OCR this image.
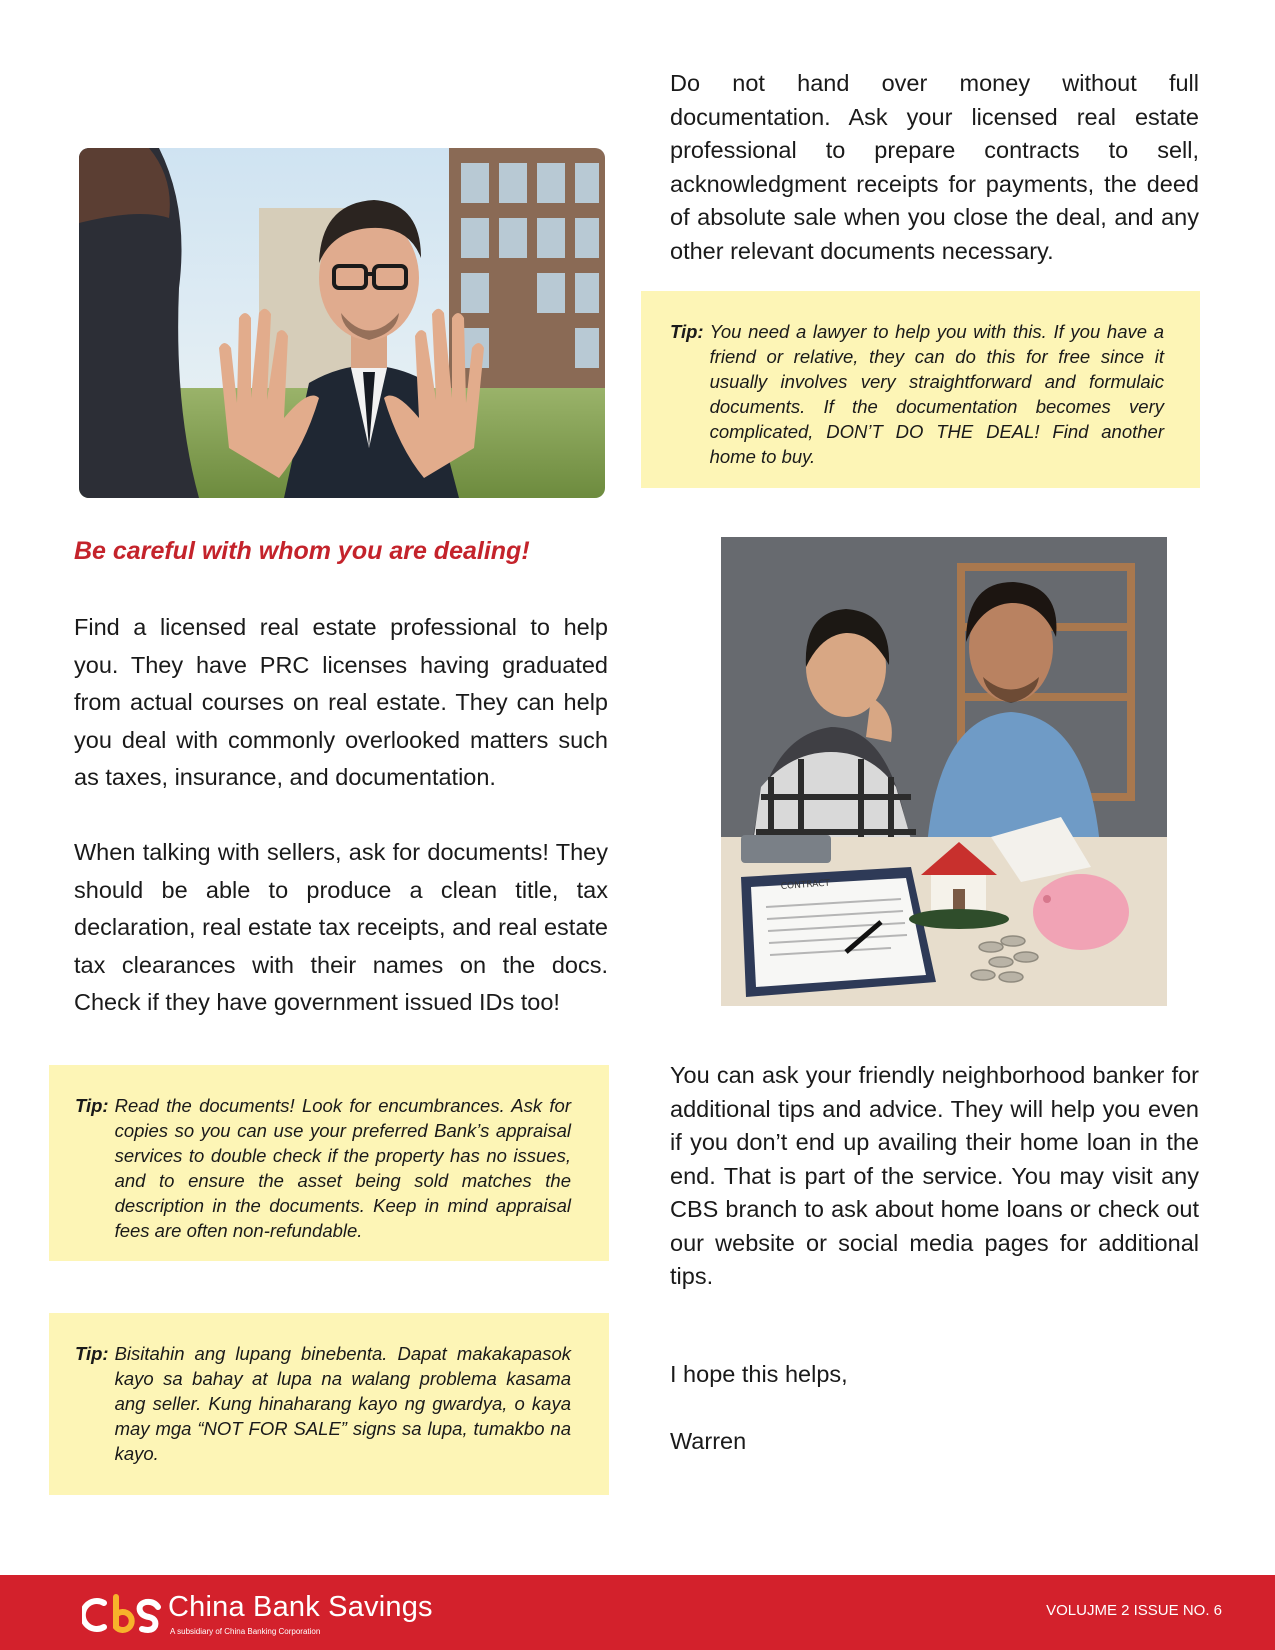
Do not hand over money without full documentation. Ask your licensed real estate professional to prepare contracts to sell, acknowledgment receipts for payments, the deed of absolute sale when you close the deal, and any other relevant documents necessary.
Tip: You need a lawyer to help you with this. If you have a friend or relative, they can do this for free since it usually involves very straightforward and formulaic documents. If the documentation becomes very complicated, DON’T DO THE DEAL! Find another home to buy.
Be careful with whom you are dealing!
Find a licensed real estate professional to help you. They have PRC licenses having graduated from actual courses on real estate. They can help you deal with commonly overlooked matters such as taxes, insurance, and documentation.
When talking with sellers, ask for documents! They should be able to produce a clean title, tax declaration, real estate tax receipts, and real estate tax clearances with their names on the docs. Check if they have government issued IDs too!
CONTRACT
Tip: Read the documents! Look for encumbrances. Ask for copies so you can use your preferred Bank’s appraisal services to double check if the property has no issues, and to ensure the asset being sold matches the description in the documents. Keep in mind appraisal fees are often non-refundable.
Tip: Bisitahin ang lupang binebenta. Dapat makakapasok kayo sa bahay at lupa na walang problema kasama ang seller. Kung hinaharang kayo ng gwardya, o kaya may mga “NOT FOR SALE” signs sa lupa, tumakbo na kayo.
You can ask your friendly neighborhood banker for additional tips and advice. They will help you even if you don’t end up availing their home loan in the end. That is part of the service. You may visit any CBS branch to ask about home loans or check out our website or social media pages for additional tips.
I hope this helps,
Warren
China Bank Savings
A subsidiary of China Banking Corporation
VOLUJME 2 ISSUE NO. 6
